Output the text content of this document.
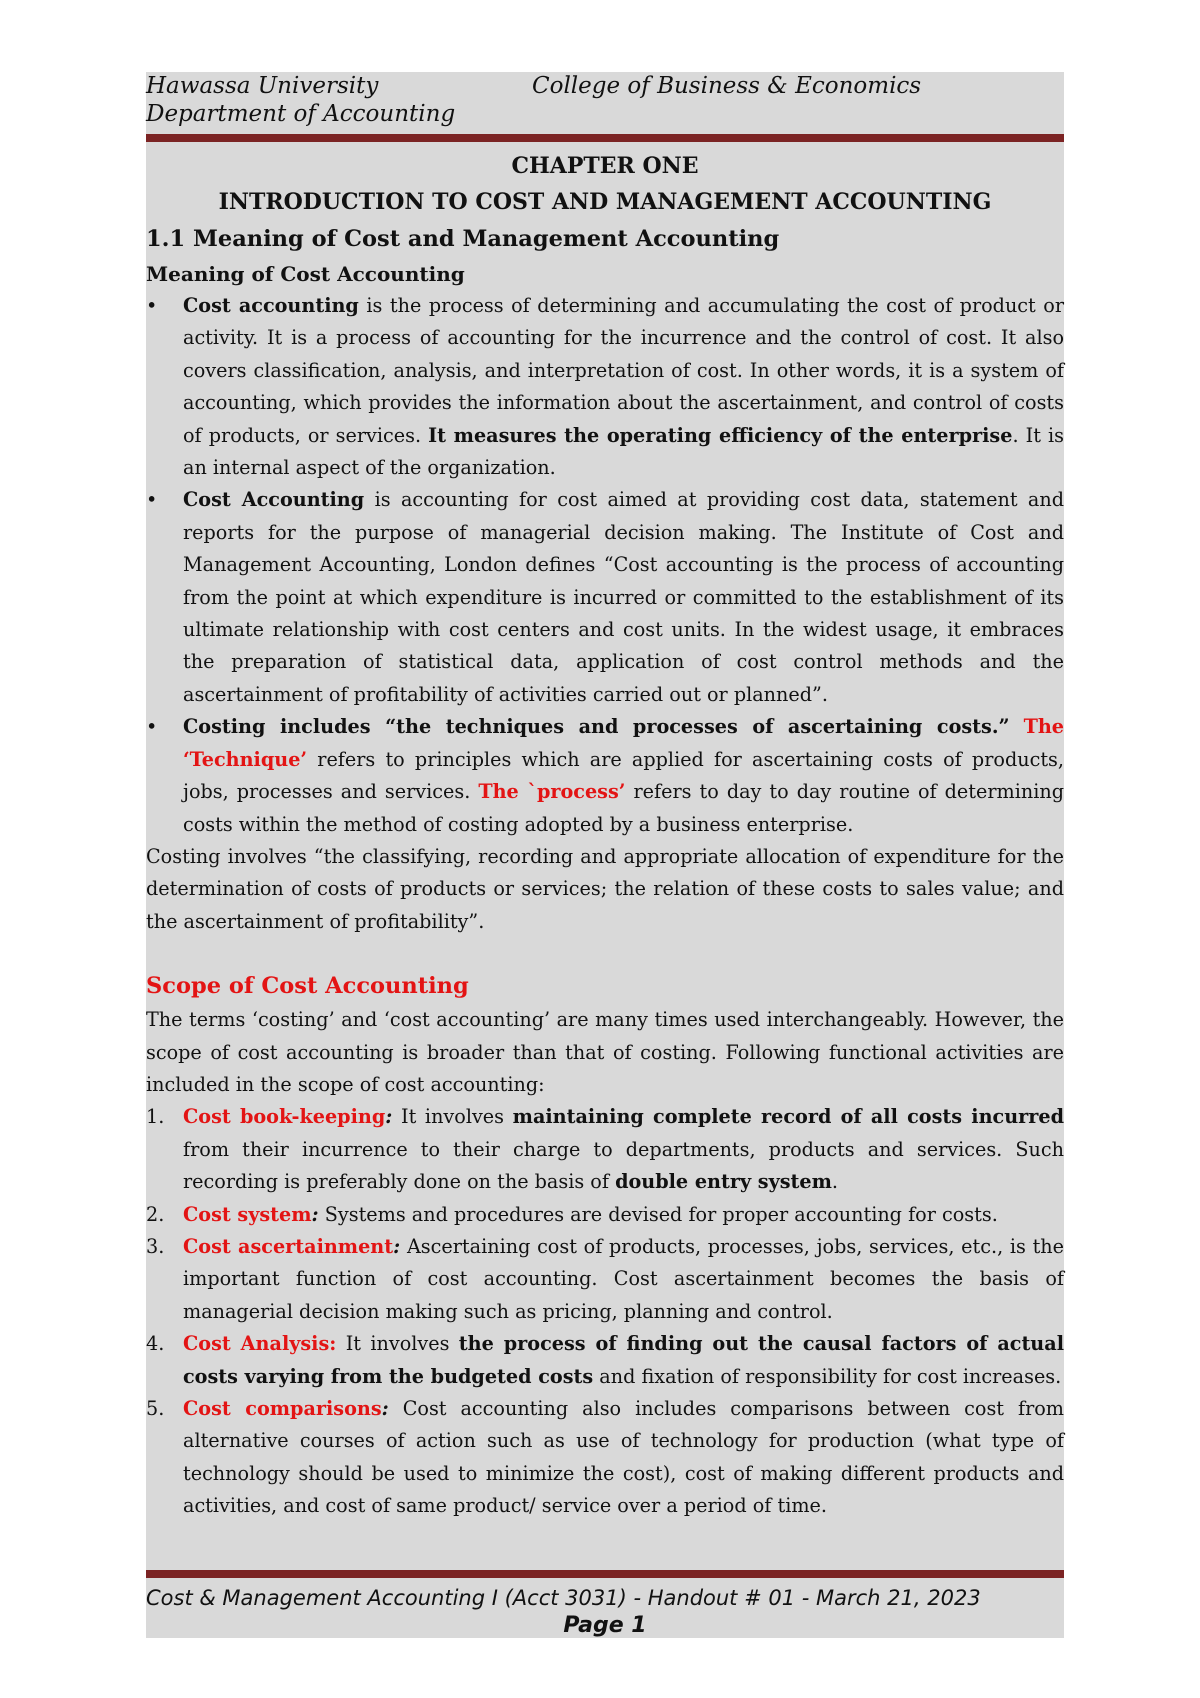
Hawassa University	College of Business & Economics
Department of Accounting

CHAPTER ONE

INTRODUCTION TO COST AND MANAGEMENT ACCOUNTING

1.1 Meaning of Cost and Management Accounting

Meaning of Cost Accounting

• Cost accounting is the process of determining and accumulating the cost of product or activity. It is a process of accounting for the incurrence and the control of cost. It also covers classification, analysis, and interpretation of cost. In other words, it is a system of accounting, which provides the information about the ascertainment, and control of costs of products, or services. It measures the operating efficiency of the enterprise. It is an internal aspect of the organization.
• Cost Accounting is accounting for cost aimed at providing cost data, statement and reports for the purpose of managerial decision making. The Institute of Cost and Management Accounting, London defines “Cost accounting is the process of accounting from the point at which expenditure is incurred or committed to the establishment of its ultimate relationship with cost centers and cost units. In the widest usage, it embraces the preparation of statistical data, application of cost control methods and the ascertainment of profitability of activities carried out or planned”.
• Costing includes “the techniques and processes of ascertaining costs.” The ‘Technique’ refers to principles which are applied for ascertaining costs of products, jobs, processes and services. The `process’ refers to day to day routine of determining costs within the method of costing adopted by a business enterprise.

Costing involves “the classifying, recording and appropriate allocation of expenditure for the determination of costs of products or services; the relation of these costs to sales value; and the ascertainment of profitability”.

Scope of Cost Accounting

The terms ‘costing’ and ‘cost accounting’ are many times used interchangeably. However, the scope of cost accounting is broader than that of costing. Following functional activities are included in the scope of cost accounting:

1. Cost book-keeping: It involves maintaining complete record of all costs incurred from their incurrence to their charge to departments, products and services. Such recording is preferably done on the basis of double entry system.
2. Cost system: Systems and procedures are devised for proper accounting for costs.
3. Cost ascertainment: Ascertaining cost of products, processes, jobs, services, etc., is the important function of cost accounting. Cost ascertainment becomes the basis of managerial decision making such as pricing, planning and control.
4. Cost Analysis: It involves the process of finding out the causal factors of actual costs varying from the budgeted costs and fixation of responsibility for cost increases.
5. Cost comparisons: Cost accounting also includes comparisons between cost from alternative courses of action such as use of technology for production (what type of technology should be used to minimize the cost), cost of making different products and activities, and cost of same product/ service over a period of time.
Cost & Management Accounting I (Acct 3031) - Handout # 01 - March 21, 2023
Page 1
